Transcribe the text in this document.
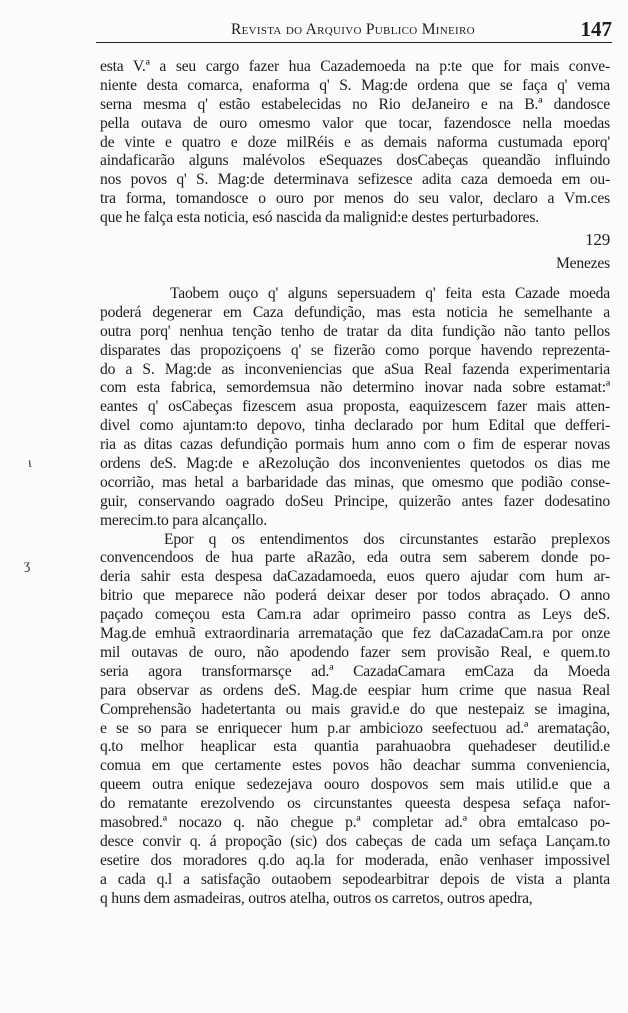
Revista do Arquivo Publico Mineiro	147
ɩ
ʒ
esta V.ª a seu cargo fazer hua Cazademoeda na p:te que for mais conve-
niente desta comarca, enaforma q' S. Mag:de ordena que se faça q' vema
serna mesma q' estão estabelecidas no Rio deJaneiro e na B.ª dandosce
pella outava de ouro omesmo valor que tocar, fazendosce nella moedas
de vinte e quatro e doze milRéis e as demais naforma custumada eporq'
aindaficarão alguns malévolos eSequazes dosCabeças queandão influindo
nos povos q' S. Mag:de determinava sefizesce adita caza demoeda em ou-
tra forma, tomandosce o ouro por menos do seu valor, declaro a Vm.ces
que he falça esta noticia, esó nascida da malignid:e destes perturbadores.
129
Menezes
Taobem ouço q' alguns sepersuadem q' feita esta Cazade moeda
poderá degenerar em Caza defundição, mas esta noticia he semelhante a
outra porq' nenhua tenção tenho de tratar da dita fundição não tanto pellos
disparates das propoziçoens q' se fizerão como porque havendo reprezenta-
do a S. Mag:de as inconveniencias que aSua Real fazenda experimentaria
com esta fabrica, semordemsua não determino inovar nada sobre estamat:ª
eantes q' osCabeças fizescem asua proposta, eaquizescem fazer mais atten-
divel como ajuntam:to depovo, tinha declarado por hum Edital que defferi-
ria as ditas cazas defundição pormais hum anno com o fim de esperar novas
ordens deS. Mag:de e aRezolução dos inconvenientes quetodos os dias me
ocorrião, mas hetal a barbaridade das minas, que omesmo que podião conse-
guir, conservando oagrado doSeu Principe, quizerão antes fazer dodesatino
merecim.to para alcançallo.
Epor q os entendimentos dos circunstantes estarão preplexos
convencendoos de hua parte aRazão, eda outra sem saberem donde po-
deria sahir esta despesa daCazadamoeda, euos quero ajudar com hum ar-
bitrio que meparece não poderá deixar deser por todos abraçado. O anno
paçado começou esta Cam.ra adar oprimeiro passo contra as Leys deS.
Mag.de emhuã extraordinaria arrematação que fez daCazadaCam.ra por onze
mil outavas de ouro, não apodendo fazer sem provisão Real, e quem.to
seria agora transformarsçe ad.ª CazadaCamara emCaza da Moeda
para observar as ordens deS. Mag.de eespiar hum crime que nasua Real
Comprehensão hadetertanta ou mais gravid.e do que nestepaiz se imagina,
e se so para se enriquecer hum p.ar ambiciozo seefectuou ad.ª aremataçâo,
q.to melhor heaplicar esta quantia parahuaobra quehadeser deutilid.e
comua em que certamente estes povos hão deachar summa conveniencia,
queem outra enique sedezejava oouro dospovos sem mais utilid.e que a
do rematante erezolvendo os circunstantes queesta despesa sefaça nafor-
masobred.ª nocazo q. não chegue p.ª completar ad.ª obra emtalcaso po-
desce convir q. á propoção (sic) dos cabeças de cada um sefaça Lançam.to
esetire dos moradores q.do aq.la for moderada, enão venhaser impossivel
a cada q.l a satisfação outaobem sepodearbitrar depois de vista a planta
q huns dem asmadeiras, outros atelha, outros os carretos, outros apedra,
